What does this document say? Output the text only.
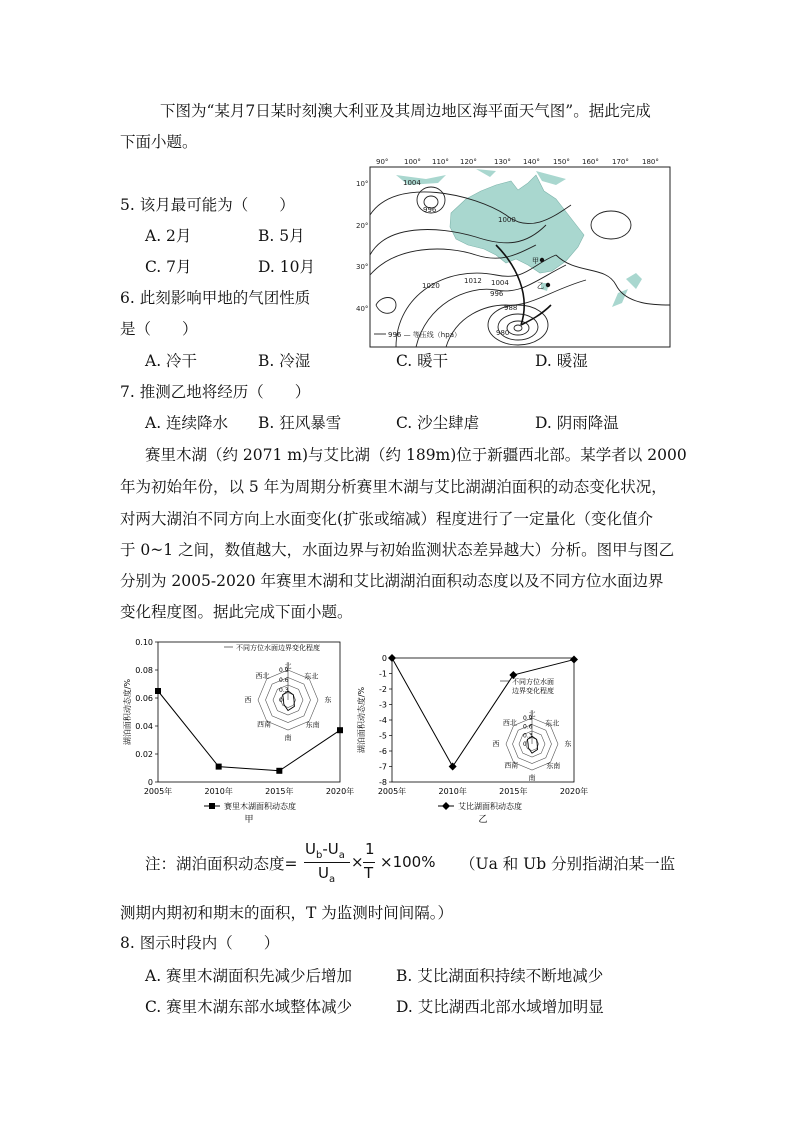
下图为“某月7日某时刻澳大利亚及其周边地区海平面天气图”。据此完成
下面小题。
5. 该月最可能为（　　）
A. 2月	B. 5月
C. 7月	D. 10月
6. 此刻影响甲地的气团性质
是（　　）
A. 冷干	B. 冷湿	C. 暖干	D. 暖湿
7. 推测乙地将经历（　　）
A. 连续降水 B. 狂风暴雪	C. 沙尘肆虐	D. 阴雨降温
赛里木湖（约 2071 m)与艾比湖（约 189m)位于新疆西北部。某学者以 2000
年为初始年份，以 5 年为周期分析赛里木湖与艾比湖湖泊面积的动态变化状况，
对两大湖泊不同方向上水面变化(扩张或缩减）程度进行了一定量化（变化值介
于 0~1 之间，数值越大，水面边界与初始监测状态差异越大）分析。图甲与图乙
分别为 2005-2020 年赛里木湖和艾比湖湖泊面积动态度以及不同方位水面边界
变化程度图。据此完成下面小题。
90° 100° 110° 120° 130° 140° 150° 160° 170° 180°
10°
20°
30°
40°
1004
996
1000
1012
1020	1004
996
988
980
甲
乙
996 — 等压线（hpa）
0
0.02
0.04
0.06
0.08
0.10
2005年	2010年	2015年	2020年
湖泊面积动态度/%
赛里木湖面积动态度
甲
0
0.3
0.6
0.9
北
东北
东
东南
南
西南
西
西北
不同方位水面边界变化程度
0
-1
-2
-3
-4
-5
-6
-7
-8
2005年	2010年	2015年	2020年
湖泊面积动态度/%
艾比湖面积动态度
乙
0
0.3
0.6
0.9
北
东北
东
东南
南
西南
西
西北
不同方位水面
边界变化程度
注：湖泊面积动态度=
$U_b-U_a$
$U_a$
×
1
T
×100% （Ua 和 Ub 分别指湖泊某一监
测期内期初和期末的面积，T 为监测时间间隔。）
8. 图示时段内（　　）
A. 赛里木湖面积先减少后增加	B. 艾比湖面积持续不断地减少
C. 赛里木湖东部水域整体减少	D. 艾比湖西北部水域增加明显
